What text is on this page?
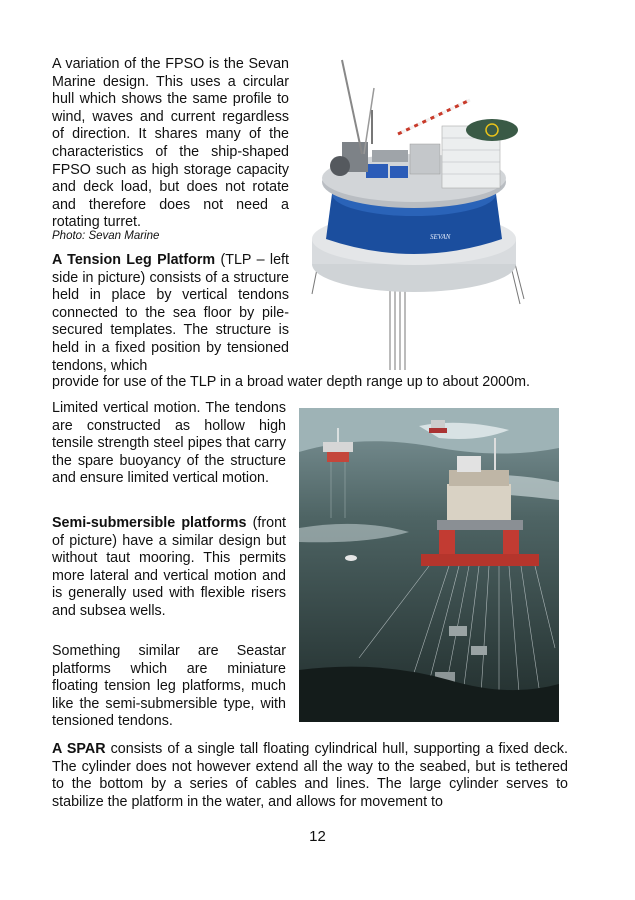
A variation of the FPSO is the Sevan Marine design. This uses a circular hull which shows the same profile to wind, waves and current regardless of direction. It shares many of the characteristics of the ship-shaped FPSO such as high storage capacity and deck load, but does not rotate and therefore does not need a rotating turret.

Photo: Sevan Marine	SEVAN

A Tension Leg Platform (TLP – left side in picture) consists of a structure held in place by vertical tendons connected to the sea floor by pile-secured templates. The structure is held in a fixed position by tensioned tendons, which

provide for use of the TLP in a broad water depth range up to about 2000m.

Limited vertical motion. The tendons are constructed as hollow high tensile strength steel pipes that carry the spare buoyancy of the structure and ensure limited vertical motion.

Semi-submersible platforms (front of picture) have a similar design but without taut mooring. This permits more lateral and vertical motion and is generally used with flexible risers and subsea wells.

Something similar are Seastar platforms which are miniature floating tension leg platforms, much like the semi-submersible type, with tensioned tendons.

A SPAR consists of a single tall floating cylindrical hull, supporting a fixed deck. The cylinder does not however extend all the way to the seabed, but is tethered to the bottom by a series of cables and lines. The large cylinder serves to stabilize the platform in the water, and allows for movement to

12
